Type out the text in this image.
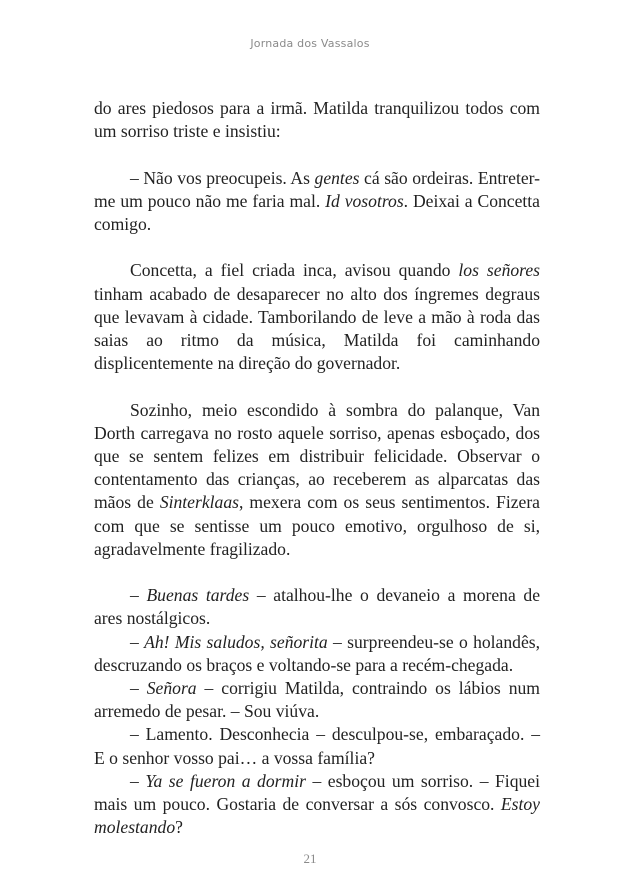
Jornada dos Vassalos

do ares piedosos para a irmã. Matilda tranquilizou todos com um sorriso triste e insistiu:

– Não vos preocupeis. As gentes cá são ordeiras. Entreter-me um pouco não me faria mal. Id vosotros. Deixai a Concetta comigo.

Concetta, a fiel criada inca, avisou quando los señores tinham acabado de desaparecer no alto dos íngremes degraus que levavam à cidade. Tamborilando de leve a mão à roda das saias ao ritmo da música, Matilda foi caminhando displicentemente na direção do governador.

Sozinho, meio escondido à sombra do palanque, Van Dorth carregava no rosto aquele sorriso, apenas esboçado, dos que se sentem felizes em distribuir felicidade. Observar o contentamento das crianças, ao receberem as alparcatas das mãos de Sinterklaas, mexera com os seus sentimentos. Fizera com que se sentisse um pouco emotivo, orgulhoso de si, agradavelmente fragilizado.

– Buenas tardes – atalhou-lhe o devaneio a morena de ares nostálgicos.

– Ah! Mis saludos, señorita – surpreendeu-se o holandês, descruzando os braços e voltando-se para a recém-chegada.

– Señora – corrigiu Matilda, contraindo os lábios num arremedo de pesar. – Sou viúva.

– Lamento. Desconhecia – desculpou-se, embaraçado. – E o senhor vosso pai… a vossa família?

– Ya se fueron a dormir – esboçou um sorriso. – Fiquei mais um pouco. Gostaria de conversar a sós convosco. Estoy molestando?

21
